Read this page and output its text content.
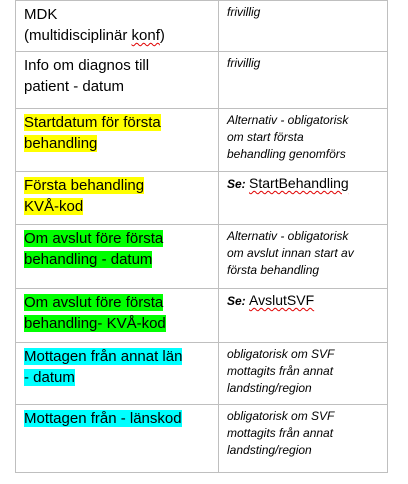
MDK
(multidisciplinär konf)	frivillig
Info om diagnos till
patient - datum	frivillig
Startdatum för första
behandling	Alternativ - obligatorisk
om start första
behandling genomförs
Första behandling
KVÅ-kod	Se: StartBehandling
Om avslut före första
behandling - datum	Alternativ - obligatorisk
om avslut innan start av
första behandling
Om avslut före första
behandling- KVÅ-kod	Se: AvslutSVF
Mottagen från annat län
- datum	obligatorisk om SVF
mottagits från annat
landsting/region
Mottagen från - länskod	obligatorisk om SVF
mottagits från annat
landsting/region
